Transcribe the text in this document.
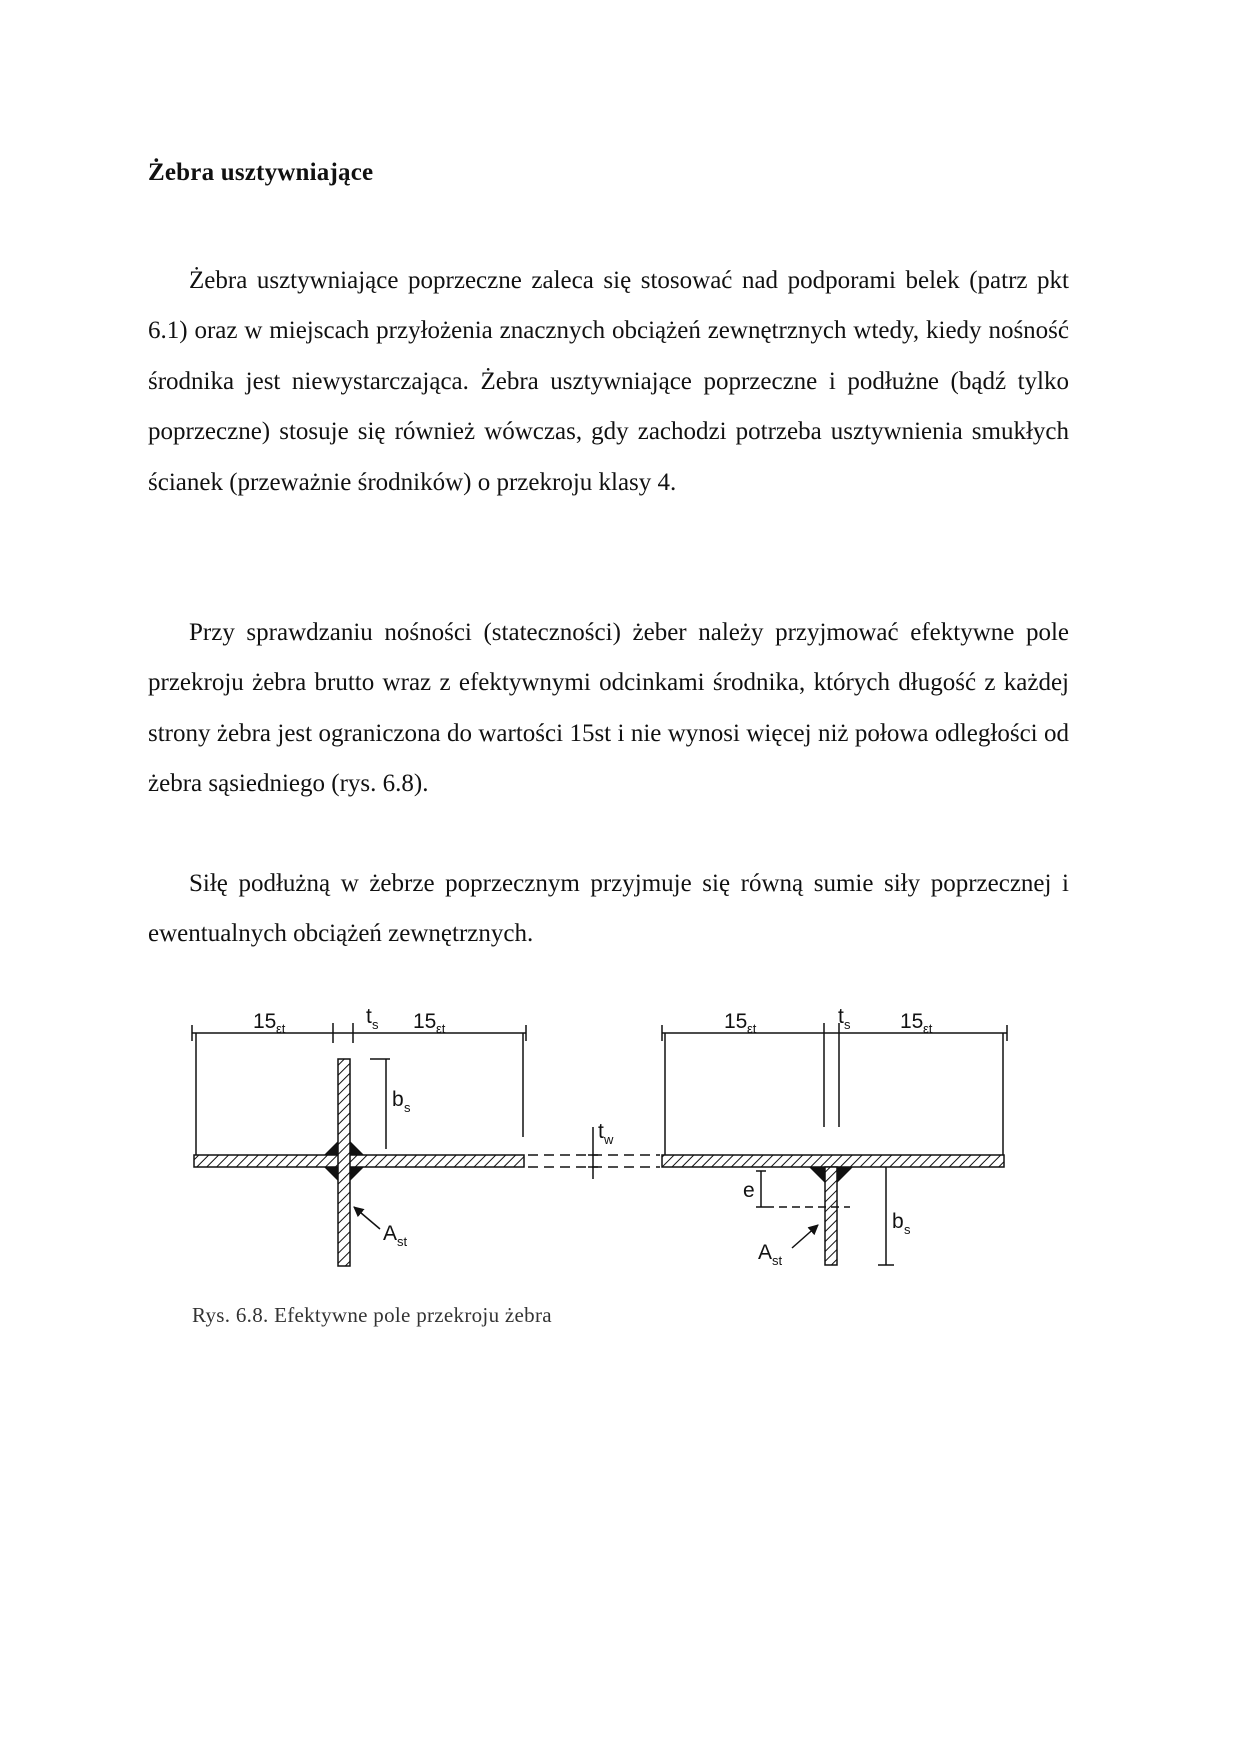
Żebra usztywniające

Żebra usztywniające poprzeczne zaleca się stosować nad podporami belek (patrz pkt 6.1) oraz w miejscach przyłożenia znacznych obciążeń zewnętrznych wtedy, kiedy nośność środnika jest niewystarczająca. Żebra usztywniające poprzeczne i podłużne (bądź tylko poprzeczne) stosuje się również wówczas, gdy zachodzi potrzeba usztywnienia smukłych ścianek (przeważnie środników) o przekroju klasy 4.

Przy sprawdzaniu nośności (stateczności) żeber należy przyjmować efektywne pole przekroju żebra brutto wraz z efektywnymi odcinkami środnika, których długość z każdej strony żebra jest ograniczona do wartości 15st i nie wynosi więcej niż połowa odległości od żebra sąsiedniego (rys. 6.8).

Siłę podłużną w żebrze poprzecznym przyjmuje się równą sumie siły poprzecznej i ewentualnych obciążeń zewnętrznych.

15 εt	15 εt
t s
b s
A st
t w
15 εt	15 εt
t s
e
b s
A st

Rys. 6.8. Efektywne pole przekroju żebra
